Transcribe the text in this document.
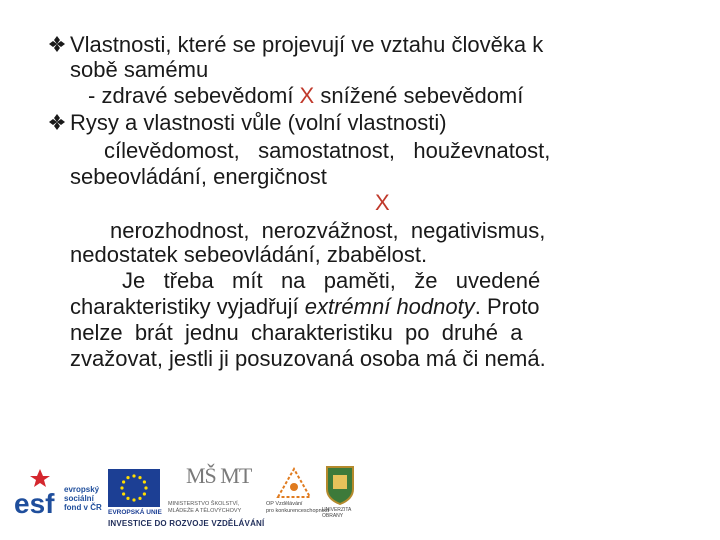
Vlastnosti, které se projevují ve vztahu člověka k
sobě samému
- zdravé sebevědomí X snížené sebevědomí
Rysy a vlastnosti vůle (volní vlastnosti)
cílevědomost,   samostatnost,   houževnatost,
sebeovládání, energičnost
X
nerozhodnost,  nerozvážnost,  negativismus,
nedostatek sebeovládání, zbabělost.
Je   třeba   mít   na   paměti,   že   uvedené
charakteristiky vyjadřují extrémní hodnoty. Proto
nelze  brát  jednu  charakteristiku  po  druhé  a
zvažovat, jestli ji posuzovaná osoba má či nemá.
esf evropský
sociální
fond v ČR
EVROPSKÁ UNIE
MŠ MT
MINISTERSTVO ŠKOLSTVÍ,
MLÁDEŽE A TĚLOVÝCHOVY
OP Vzdělávání
pro konkurenceschopnost
UNIVERZITA
OBRANY
INVESTICE DO ROZVOJE VZDĚLÁVÁNÍ
